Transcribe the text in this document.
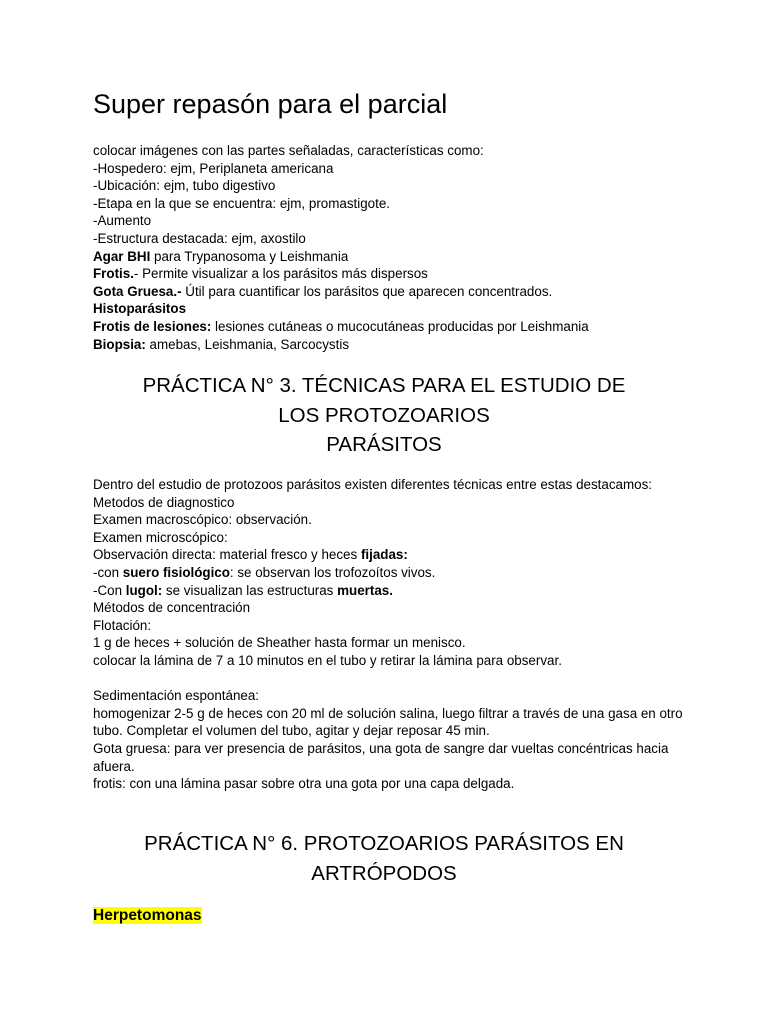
Super repasón para el parcial
colocar imágenes con las partes señaladas, características como:
-Hospedero: ejm, Periplaneta americana
-Ubicación: ejm, tubo digestivo
-Etapa en la que se encuentra: ejm, promastigote.
-Aumento
-Estructura destacada: ejm, axostilo
Agar BHI para Trypanosoma y Leishmania
Frotis.- Permite visualizar a los parásitos más dispersos
Gota Gruesa.- Útil para cuantificar los parásitos que aparecen concentrados.
Histoparásitos
Frotis de lesiones: lesiones cutáneas o mucocutáneas producidas por Leishmania
Biopsia: amebas, Leishmania, Sarcocystis
PRÁCTICA N° 3. TÉCNICAS PARA EL ESTUDIO DE
LOS PROTOZOARIOS
PARÁSITOS
Dentro del estudio de protozoos parásitos existen diferentes técnicas entre estas destacamos:
Metodos de diagnostico
Examen macroscópico: observación.
Examen microscópico:
Observación directa: material fresco y heces fijadas:
-con suero fisiológico: se observan los trofozoítos vivos.
-Con lugol: se visualizan las estructuras muertas.
Métodos de concentración
Flotación:
1 g de heces + solución de Sheather hasta formar un menisco.
colocar la lámina de 7 a 10 minutos en el tubo y retirar la lámina para observar.
Sedimentación espontánea:
homogenizar 2-5 g de heces con 20 ml de solución salina, luego filtrar a través de una gasa en otro tubo. Completar el volumen del tubo, agitar y dejar reposar 45 min.
Gota gruesa: para ver presencia de parásitos, una gota de sangre dar vueltas concéntricas hacia afuera.
frotis: con una lámina pasar sobre otra una gota por una capa delgada.
PRÁCTICA N° 6. PROTOZOARIOS PARÁSITOS EN
ARTRÓPODOS
Herpetomonas
